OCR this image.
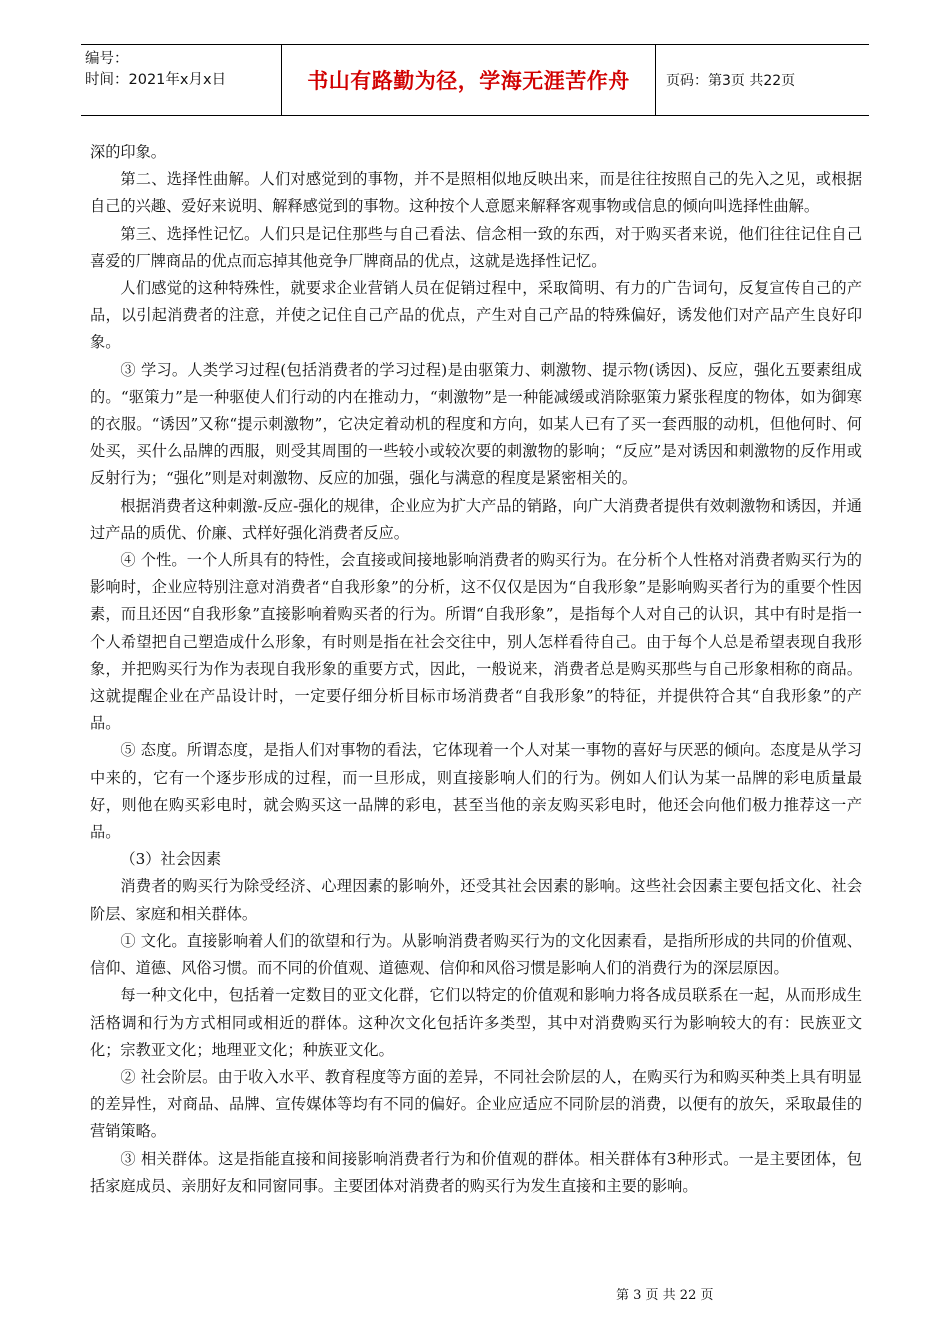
编号：
时间：2021年x月x日	书山有路勤为径，学海无涯苦作舟	页码：第3页 共22页

深的印象。

第二、选择性曲解。人们对感觉到的事物，并不是照相似地反映出来，而是往往按照自己的先入之见，或根据自己的兴趣、爱好来说明、解释感觉到的事物。这种按个人意愿来解释客观事物或信息的倾向叫选择性曲解。

第三、选择性记忆。人们只是记住那些与自己看法、信念相一致的东西，对于购买者来说，他们往往记住自己喜爱的厂牌商品的优点而忘掉其他竞争厂牌商品的优点，这就是选择性记忆。

人们感觉的这种特殊性，就要求企业营销人员在促销过程中，采取简明、有力的广告词句，反复宣传自己的产品，以引起消费者的注意，并使之记住自己产品的优点，产生对自己产品的特殊偏好，诱发他们对产品产生良好印象。

③ 学习。人类学习过程(包括消费者的学习过程)是由驱策力、刺激物、提示物(诱因)、反应，强化五要素组成的。“驱策力”是一种驱使人们行动的内在推动力，“刺激物”是一种能减缓或消除驱策力紧张程度的物体，如为御寒的衣服。“诱因”又称“提示刺激物”，它决定着动机的程度和方向，如某人已有了买一套西服的动机，但他何时、何处买，买什么品牌的西服，则受其周围的一些较小或较次要的刺激物的影响；“反应”是对诱因和刺激物的反作用或反射行为；“强化”则是对刺激物、反应的加强，强化与满意的程度是紧密相关的。

根据消费者这种刺激-反应-强化的规律，企业应为扩大产品的销路，向广大消费者提供有效刺激物和诱因，并通过产品的质优、价廉、式样好强化消费者反应。

④ 个性。一个人所具有的特性，会直接或间接地影响消费者的购买行为。在分析个人性格对消费者购买行为的影响时，企业应特别注意对消费者“自我形象”的分析，这不仅仅是因为“自我形象”是影响购买者行为的重要个性因素，而且还因“自我形象”直接影响着购买者的行为。所谓“自我形象”，是指每个人对自己的认识，其中有时是指一个人希望把自己塑造成什么形象，有时则是指在社会交往中，别人怎样看待自己。由于每个人总是希望表现自我形象，并把购买行为作为表现自我形象的重要方式，因此，一般说来，消费者总是购买那些与自己形象相称的商品。这就提醒企业在产品设计时，一定要仔细分析目标市场消费者“自我形象”的特征，并提供符合其“自我形象”的产品。

⑤ 态度。所谓态度，是指人们对事物的看法，它体现着一个人对某一事物的喜好与厌恶的倾向。态度是从学习中来的，它有一个逐步形成的过程，而一旦形成，则直接影响人们的行为。例如人们认为某一品牌的彩电质量最好，则他在购买彩电时，就会购买这一品牌的彩电，甚至当他的亲友购买彩电时，他还会向他们极力推荐这一产品。

（3）社会因素

消费者的购买行为除受经济、心理因素的影响外，还受其社会因素的影响。这些社会因素主要包括文化、社会阶层、家庭和相关群体。

① 文化。直接影响着人们的欲望和行为。从影响消费者购买行为的文化因素看，是指所形成的共同的价值观、信仰、道德、风俗习惯。而不同的价值观、道德观、信仰和风俗习惯是影响人们的消费行为的深层原因。

每一种文化中，包括着一定数目的亚文化群，它们以特定的价值观和影响力将各成员联系在一起，从而形成生活格调和行为方式相同或相近的群体。这种次文化包括许多类型，其中对消费购买行为影响较大的有：民族亚文化；宗教亚文化；地理亚文化；种族亚文化。

② 社会阶层。由于收入水平、教育程度等方面的差异，不同社会阶层的人，在购买行为和购买种类上具有明显的差异性，对商品、品牌、宣传媒体等均有不同的偏好。企业应适应不同阶层的消费，以便有的放矢，采取最佳的营销策略。

③ 相关群体。这是指能直接和间接影响消费者行为和价值观的群体。相关群体有3种形式。一是主要团体，包括家庭成员、亲朋好友和同窗同事。主要团体对消费者的购买行为发生直接和主要的影响。

第 3 页 共 22 页
